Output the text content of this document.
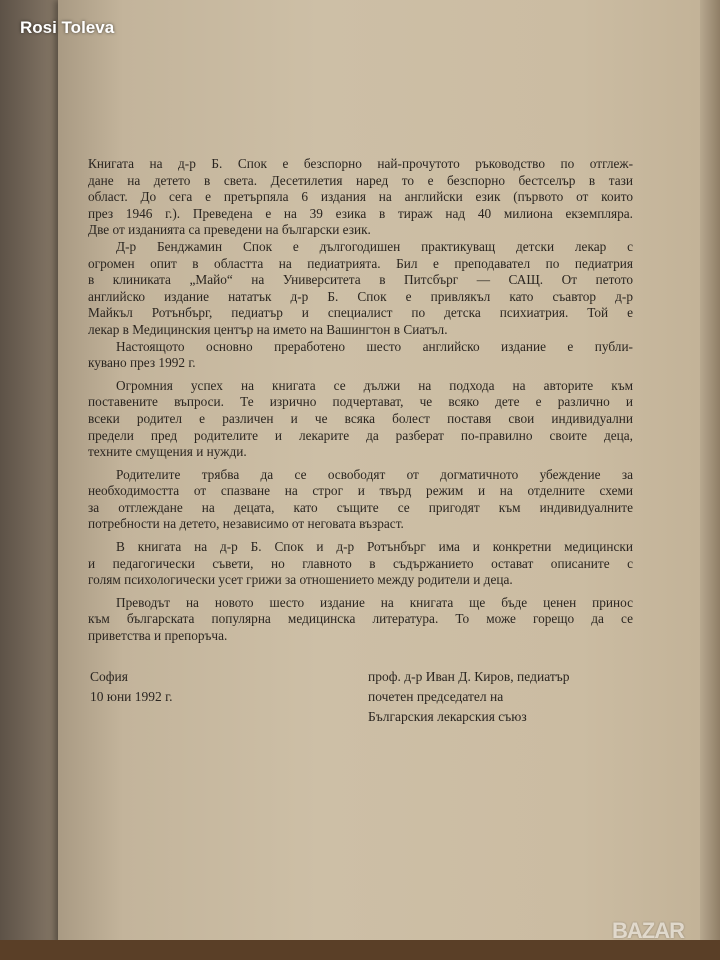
Rosi Toleva
Книгата на д-р Б. Спок е безспорно най-прочутото ръководство по отглеж-
дане на детето в света. Десетилетия наред то е безспорно бестселър в тази
област. До сега е претърпяла 6 издания на английски език (първото от които
през 1946 г.). Преведена е на 39 езика в тираж над 40 милиона екземпляра.
Две от изданията са преведени на български език.
Д-р Бенджамин Спок е дългогодишен практикуващ детски лекар с
огромен опит в областта на педиатрията. Бил е преподавател по педиатрия
в клиниката „Майо“ на Университета в Питсбърг — САЩ. От петото
английско издание нататък д-р Б. Спок е привлякъл като съавтор д-р
Майкъл Ротънбърг, педиатър и специалист по детска психиатрия. Той е
лекар в Медицинския център на името на Вашингтон в Сиатъл.
Настоящото основно преработено шесто английско издание е публи-
кувано през 1992 г.
Огромния успех на книгата се дължи на подхода на авторите към
поставените въпроси. Те изрично подчертават, че всяко дете е различно и
всеки родител е различен и че всяка болест поставя свои индивидуални
предели пред родителите и лекарите да разберат по-правилно своите деца,
техните смущения и нужди.
Родителите трябва да се освободят от догматичното убеждение за
необходимостта от спазване на строг и твърд режим и на отделните схеми
за отглеждане на децата, като същите се пригодят към индивидуалните
потребности на детето, независимо от неговата възраст.
В книгата на д-р Б. Спок и д-р Ротънбърг има и конкретни медицински
и педагогически съвети, но главното в съдържанието остават описаните с
голям психологически усет грижи за отношението между родители и деца.
Преводът на новото шесто издание на книгата ще бъде ценен принос
към българската популярна медицинска литература. То може горещо да се
приветства и препоръча.
София
10 юни 1992 г.
проф. д-р Иван Д. Киров, педиатър
почетен председател на
Българския лекарския съюз
BAZAR
